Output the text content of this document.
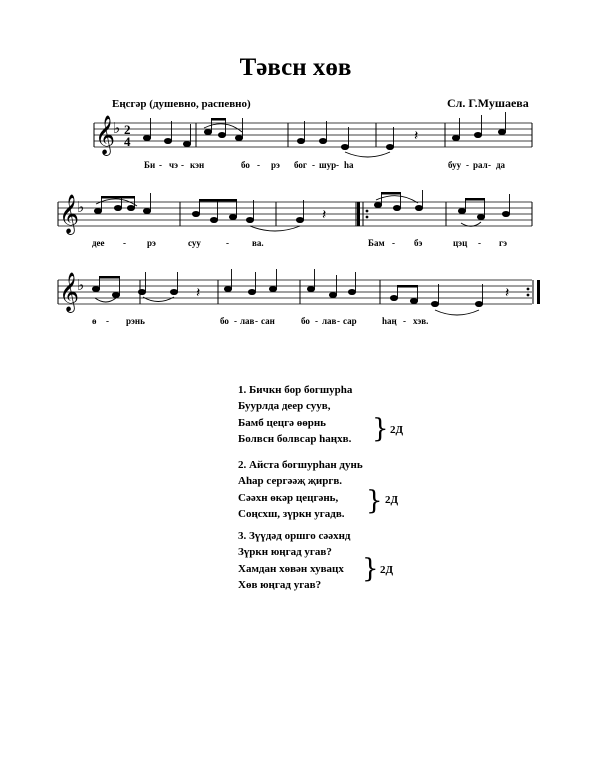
Тәвсн хөв
Еңсгәр (душевно, распевно)	Сл. Г.Мушаева
𝄞
𝄞
𝄞
♭
♭
♭
2
4	𝄽
𝄽
𝄽	𝄽
Би - чэ - кэн	бо - рэ бог - шур - һа	буу - рал - да
дее - рэ	суу	-	ва.	Бам - бэ	цэц - гэ
ө - рэнь	бо - лав - сан	бо - лав - сар	һаң - хэв.
1. Бичкн бор богшурһа
Буурлда деер суув,
Бамб цецгә өөрнь
Болвсн болвсар һаңхв. } 2Д
2. Айста богшурһан дунь
Аһар сергәәҗ җиргв.
Сәәхн өкәр цецгәнь,
Соңсхш, зүркн угадв. } 2Д
3. Зүүдәд оршго сәәхнд
Зүркн юңгад угав?
Хамдан хөвән хувацх
Хөв юңгад угав?
} 2Д
